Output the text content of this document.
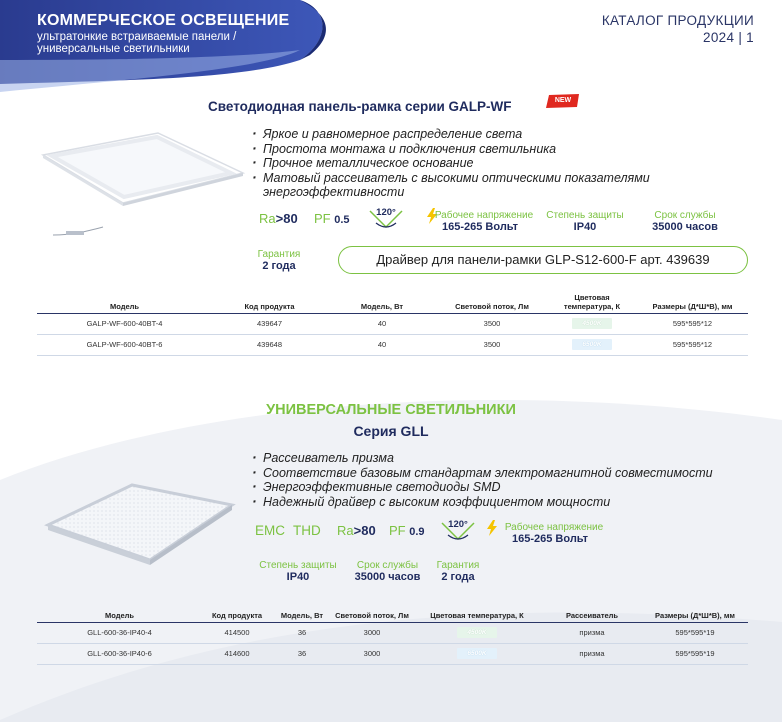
КОММЕРЧЕСКОЕ ОСВЕЩЕНИЕ
ультратонкие встраиваемые панели /
универсальные светильники
КАТАЛОГ ПРОДУКЦИИ
2024 | 1
Светодиодная панель-рамка серии GALP-WF	NEW
· Яркое и равномерное распределение света
· Простота монтажа и подключения светильника
· Прочное металлическое основание
· Матовый рассеиватель с высокими оптическими показателями энергоэффективности
Ra>80 PF 0.5
120°	Рабочее напряжение
165-265 Вольт
Степень защиты
IP40
Срок службы
35000 часов
Гарантия
2 года	Драйвер для панели-рамки GLP-S12-600-F арт. 439639
Модель	Код продукта	Модель, Вт	Световой поток, Лм	Цветовая температура, К	Размеры (Д*Ш*В), мм
GALP-WF-600-40BT-4	439647	40	3500	4500K	595*595*12
GALP-WF-600-40BT-6	439648	40	3500	6500K	595*595*12
УНИВЕРСАЛЬНЫЕ СВЕТИЛЬНИКИ
Серия GLL
· Рассеиватель призма
· Соответствие базовым стандартам электромагнитной совместимости
· Энергоэффективные светодиоды SMD
· Надежный драйвер с высоким коэффициентом мощности
EMC THD Ra>80 PF 0.9
120°	Рабочее напряжение
165-265 Вольт
Степень защиты
IP40
Срок службы
35000 часов
Гарантия
2 года
Модель	Код продукта	Модель, Вт	Световой поток, Лм	Цветовая температура, К	Рассеиватель	Размеры (Д*Ш*В), мм
GLL-600-36-IP40-4	414500	36	3000	4500K	призма	595*595*19
GLL-600-36-IP40-6	414600	36	3000	6500K	призма	595*595*19
